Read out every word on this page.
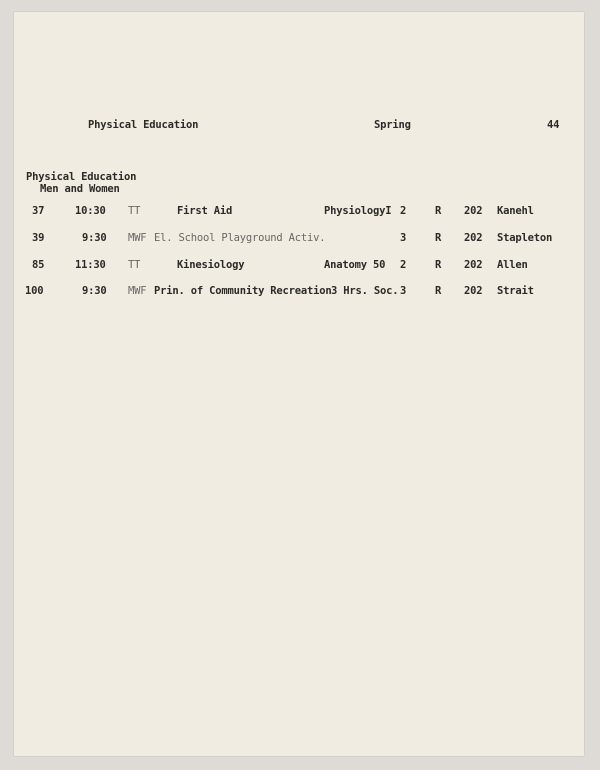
Physical Education	Spring	44
Physical Education
Men and Women
37	10:30 TT	First Aid	PhysiologyI 2	R 202 Kanehl
39	9:30 MWF El. School Playground Activ.	3	R 202 Stapleton
85	11:30 TT	Kinesiology	Anatomy 50 2	R 202 Allen
100	9:30 MWF Prin. of Community Recreation 3 Hrs. Soc. 3	R 202 Strait
